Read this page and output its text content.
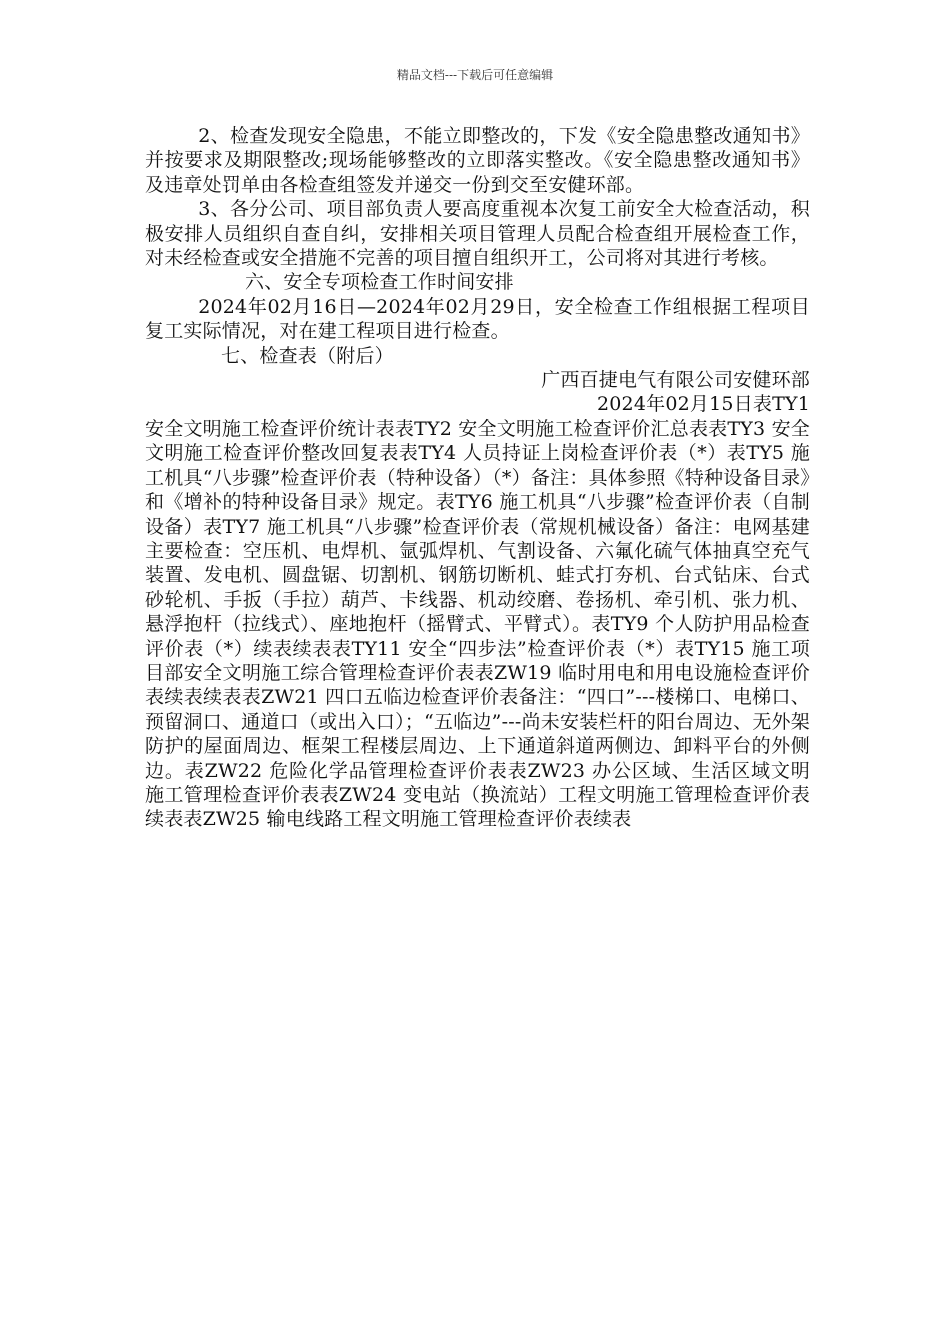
精品文档---下载后可任意编辑

2、检查发现安全隐患，不能立即整改的，下发《安全隐患整改通知书》并按要求及期限整改;现场能够整改的立即落实整改。《安全隐患整改通知书》及违章处罚单由各检查组签发并递交一份到交至安健环部。

3、各分公司、项目部负责人要高度重视本次复工前安全大检查活动，积极安排人员组织自查自纠，安排相关项目管理人员配合检查组开展检查工作，对未经检查或安全措施不完善的项目擅自组织开工，公司将对其进行考核。

六、安全专项检查工作时间安排

2024年02月16日—2024年02月29日，安全检查工作组根据工程项目复工实际情况，对在建工程项目进行检查。

七、检查表（附后）

广西百捷电气有限公司安健环部

2024年02月15日表TY1

安全文明施工检查评价统计表表TY2 安全文明施工检查评价汇总表表TY3 安全文明施工检查评价整改回复表表TY4 人员持证上岗检查评价表（*）表TY5 施工机具“八步骤”检查评价表（特种设备）（*）备注：具体参照《特种设备目录》和《增补的特种设备目录》规定。表TY6 施工机具“八步骤”检查评价表（自制设备）表TY7 施工机具“八步骤”检查评价表（常规机械设备）备注：电网基建主要检查：空压机、电焊机、氩弧焊机、气割设备、六氟化硫气体抽真空充气装置、发电机、圆盘锯、切割机、钢筋切断机、蛙式打夯机、台式钻床、台式砂轮机、手扳（手拉）葫芦、卡线器、机动绞磨、卷扬机、牵引机、张力机、悬浮抱杆（拉线式）、座地抱杆（摇臂式、平臂式）。表TY9 个人防护用品检查评价表（*）续表续表表TY11 安全“四步法”检查评价表（*）表TY15 施工项目部安全文明施工综合管理检查评价表表ZW19 临时用电和用电设施检查评价表续表续表表ZW21 四口五临边检查评价表备注：“四口”---楼梯口、电梯口、预留洞口、通道口（或出入口）；“五临边”---尚未安装栏杆的阳台周边、无外架防护的屋面周边、框架工程楼层周边、上下通道斜道两侧边、卸料平台的外侧边。表ZW22 危险化学品管理检查评价表表ZW23 办公区域、生活区域文明施工管理检查评价表表ZW24 变电站（换流站）工程文明施工管理检查评价表续表表ZW25 输电线路工程文明施工管理检查评价表续表
